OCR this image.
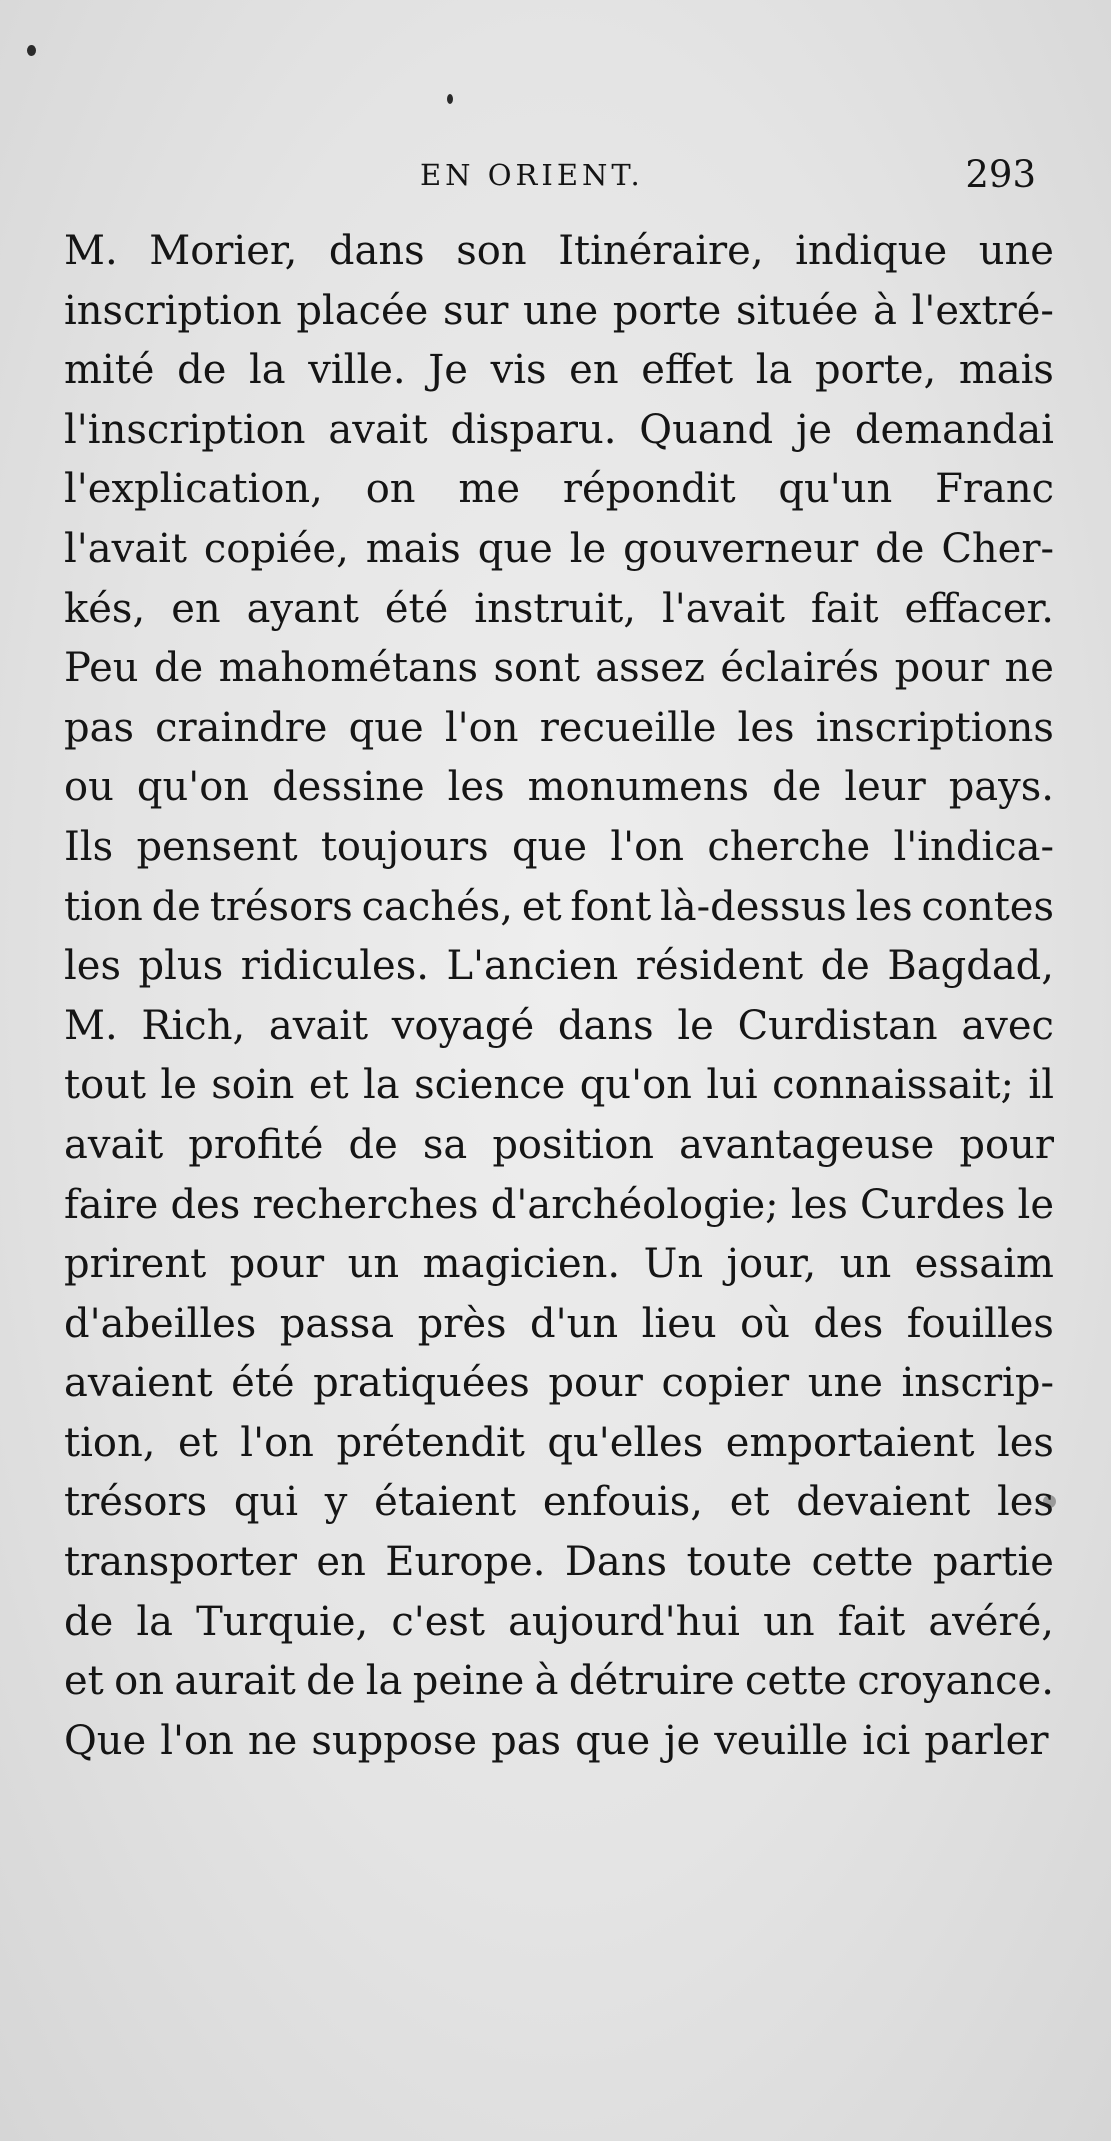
EN ORIENT.	293
M. Morier, dans son Itinéraire, indique une
inscription placée sur une porte située à l'extré-
mité de la ville. Je vis en effet la porte, mais
l'inscription avait disparu. Quand je demandai
l'explication, on me répondit qu'un Franc
l'avait copiée, mais que le gouverneur de Cher-
kés, en ayant été instruit, l'avait fait effacer.
Peu de mahométans sont assez éclairés pour ne
pas craindre que l'on recueille les inscriptions
ou qu'on dessine les monumens de leur pays.
Ils pensent toujours que l'on cherche l'indica-
tion de trésors cachés, et font là-dessus les contes
les plus ridicules. L'ancien résident de Bagdad,
M. Rich, avait voyagé dans le Curdistan avec
tout le soin et la science qu'on lui connaissait; il
avait profité de sa position avantageuse pour
faire des recherches d'archéologie; les Curdes le
prirent pour un magicien. Un jour, un essaim
d'abeilles passa près d'un lieu où des fouilles
avaient été pratiquées pour copier une inscrip-
tion, et l'on prétendit qu'elles emportaient les
trésors qui y étaient enfouis, et devaient les
transporter en Europe. Dans toute cette partie
de la Turquie, c'est aujourd'hui un fait avéré,
et on aurait de la peine à détruire cette croyance.
Que l'on ne suppose pas que je veuille ici parler
